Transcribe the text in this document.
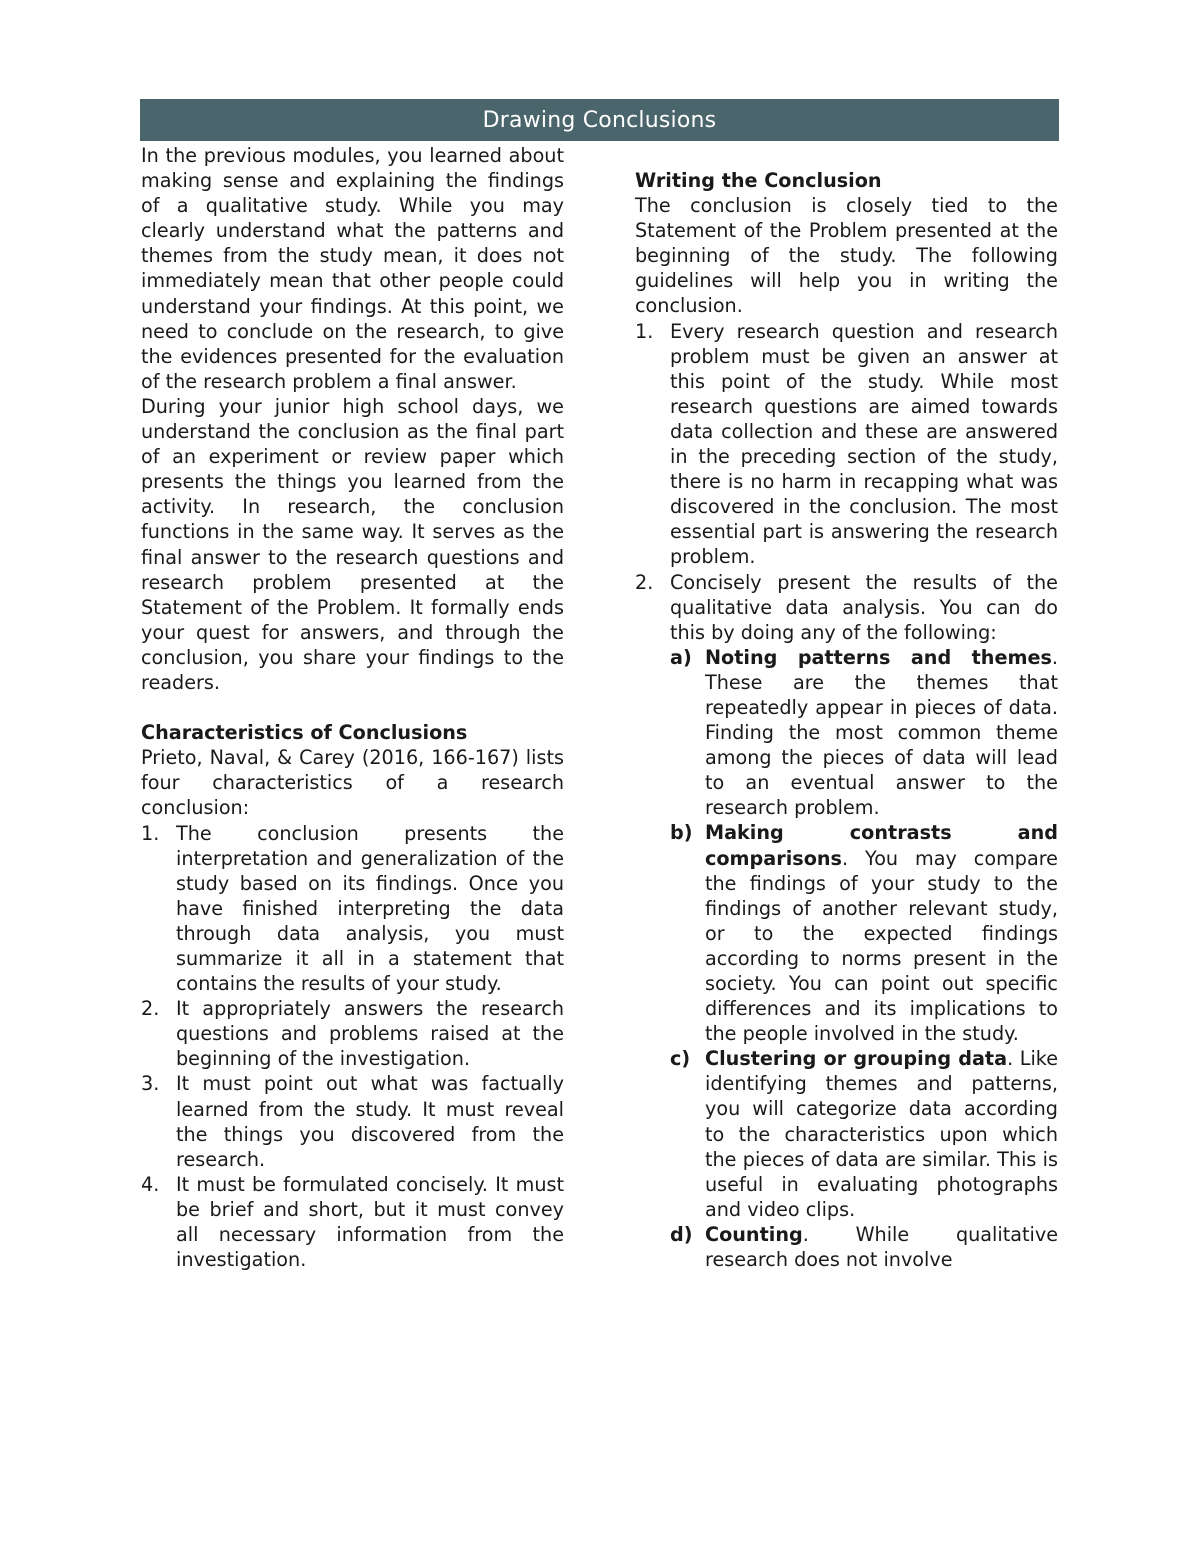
Drawing Conclusions

In the previous modules, you learned about making sense and explaining the findings of a qualitative study. While you may clearly understand what the patterns and themes from the study mean, it does not immediately mean that other people could understand your findings. At this point, we need to conclude on the research, to give the evidences presented for the evaluation of the research problem a final answer.

During your junior high school days, we understand the conclusion as the final part of an experiment or review paper which presents the things you learned from the activity. In research, the conclusion functions in the same way. It serves as the final answer to the research questions and research problem presented at the Statement of the Problem. It formally ends your quest for answers, and through the conclusion, you share your findings to the readers.

Characteristics of Conclusions

Prieto, Naval, & Carey (2016, 166-167) lists four characteristics of a research conclusion:

1. The conclusion presents the interpretation and generalization of the study based on its findings. Once you have finished interpreting the data through data analysis, you must summarize it all in a statement that contains the results of your study.
2. It appropriately answers the research questions and problems raised at the beginning of the investigation.
3. It must point out what was factually learned from the study. It must reveal the things you discovered from the research.
4. It must be formulated concisely. It must be brief and short, but it must convey all necessary information from the investigation.

Writing the Conclusion

The conclusion is closely tied to the Statement of the Problem presented at the beginning of the study. The following guidelines will help you in writing the conclusion.

1. Every research question and research problem must be given an answer at this point of the study. While most research questions are aimed towards data collection and these are answered in the preceding section of the study, there is no harm in recapping what was discovered in the conclusion. The most essential part is answering the research problem.
2. Concisely present the results of the qualitative data analysis. You can do this by doing any of the following:
a) Noting patterns and themes. These are the themes that repeatedly appear in pieces of data. Finding the most common theme among the pieces of data will lead to an eventual answer to the research problem.
b) Making contrasts and comparisons. You may compare the findings of your study to the findings of another relevant study, or to the expected findings according to norms present in the society. You can point out specific differences and its implications to the people involved in the study.
c) Clustering or grouping data. Like identifying themes and patterns, you will categorize data according to the characteristics upon which the pieces of data are similar. This is useful in evaluating photographs and video clips.
d) Counting. While qualitative research does not involve
